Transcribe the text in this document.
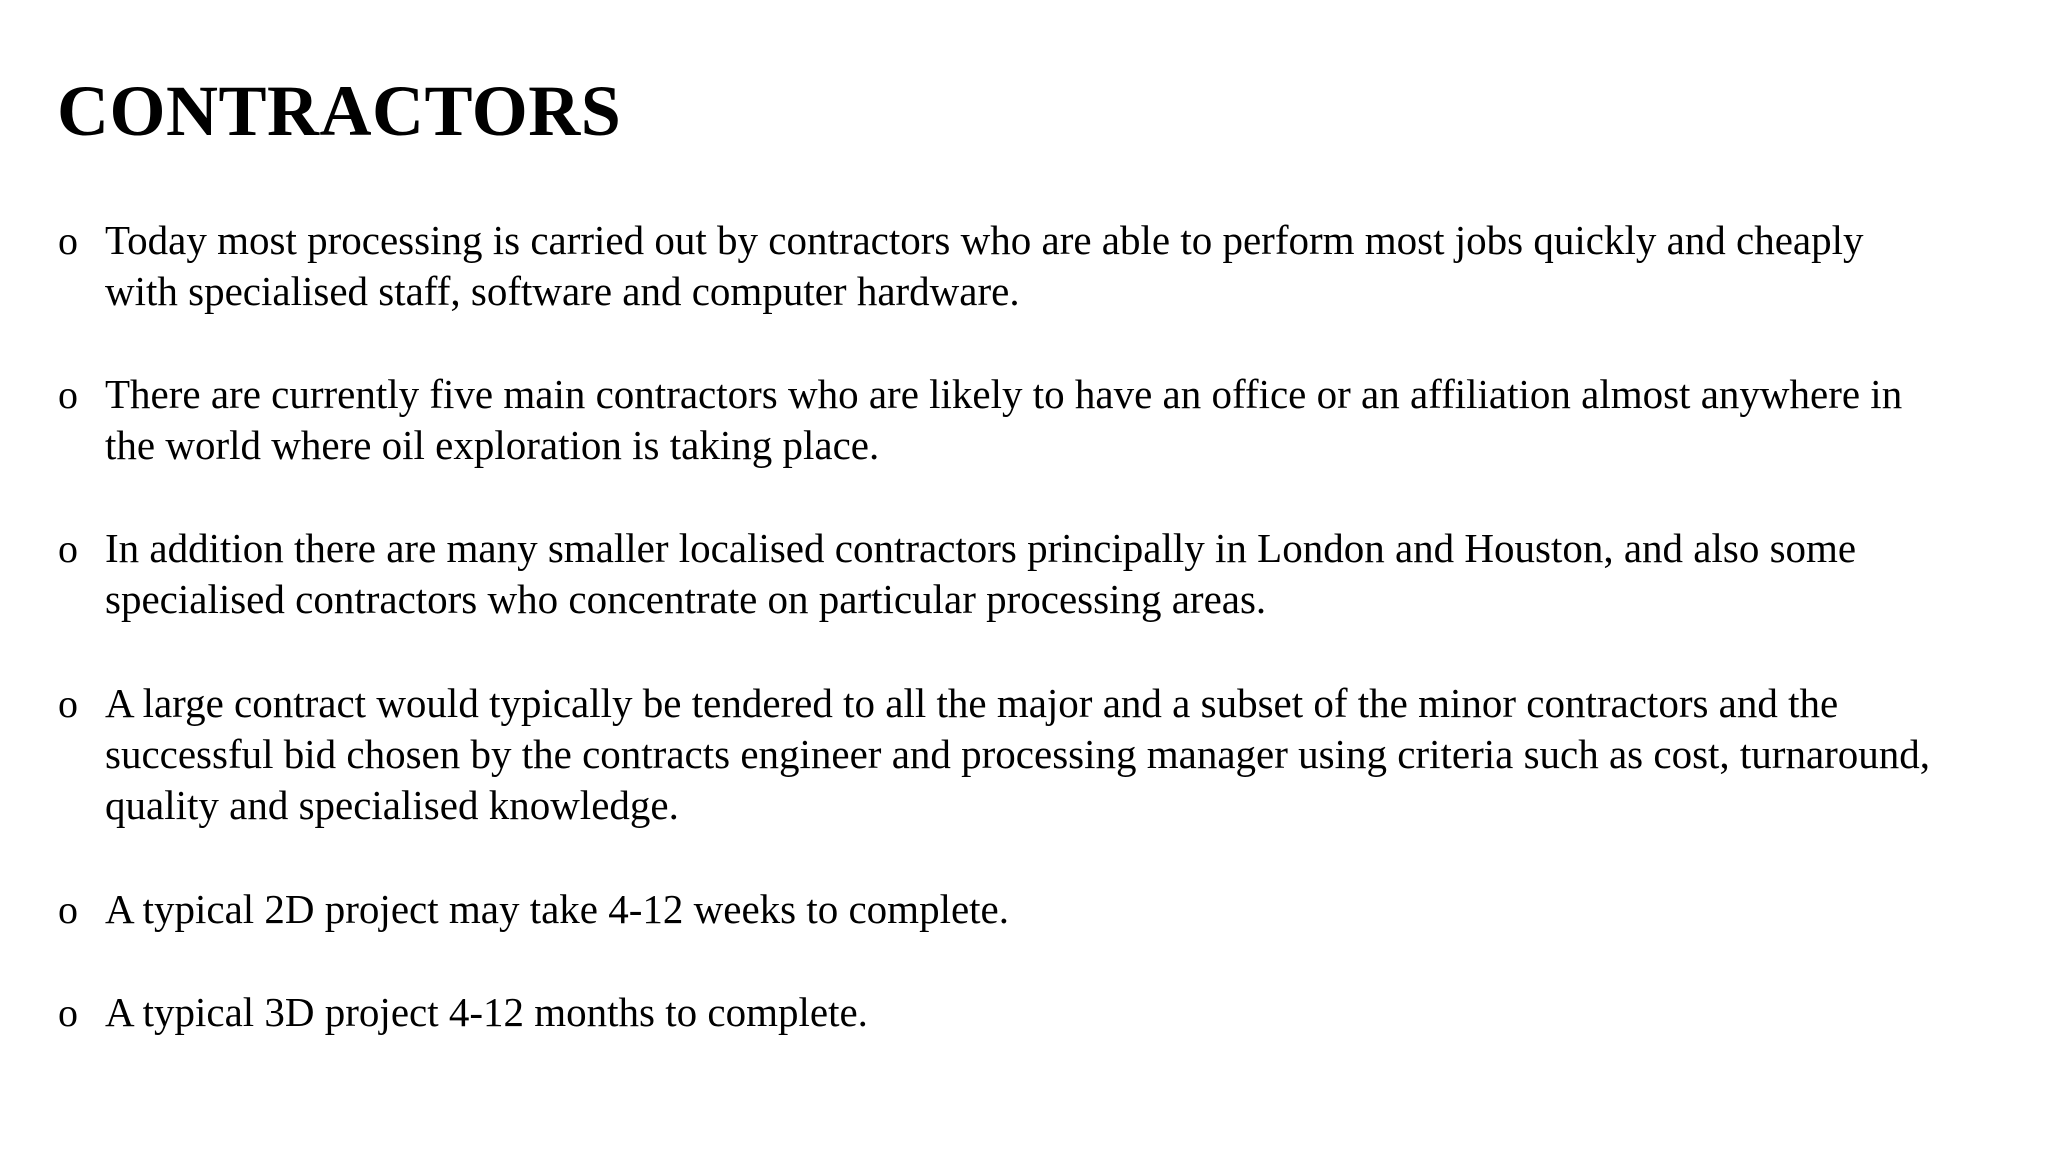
CONTRACTORS
o Today most processing is carried out by contractors who are able to perform most jobs quickly and cheaply
with specialised staff, software and computer hardware.

o There are currently five main contractors who are likely to have an office or an affiliation almost anywhere in
the world where oil exploration is taking place.

o In addition there are many smaller localised contractors principally in London and Houston, and also some
specialised contractors who concentrate on particular processing areas.

o A large contract would typically be tendered to all the major and a subset of the minor contractors and the
successful bid chosen by the contracts engineer and processing manager using criteria such as cost, turnaround,
quality and specialised knowledge.

o A typical 2D project may take 4-12 weeks to complete.

o A typical 3D project 4-12 months to complete.
